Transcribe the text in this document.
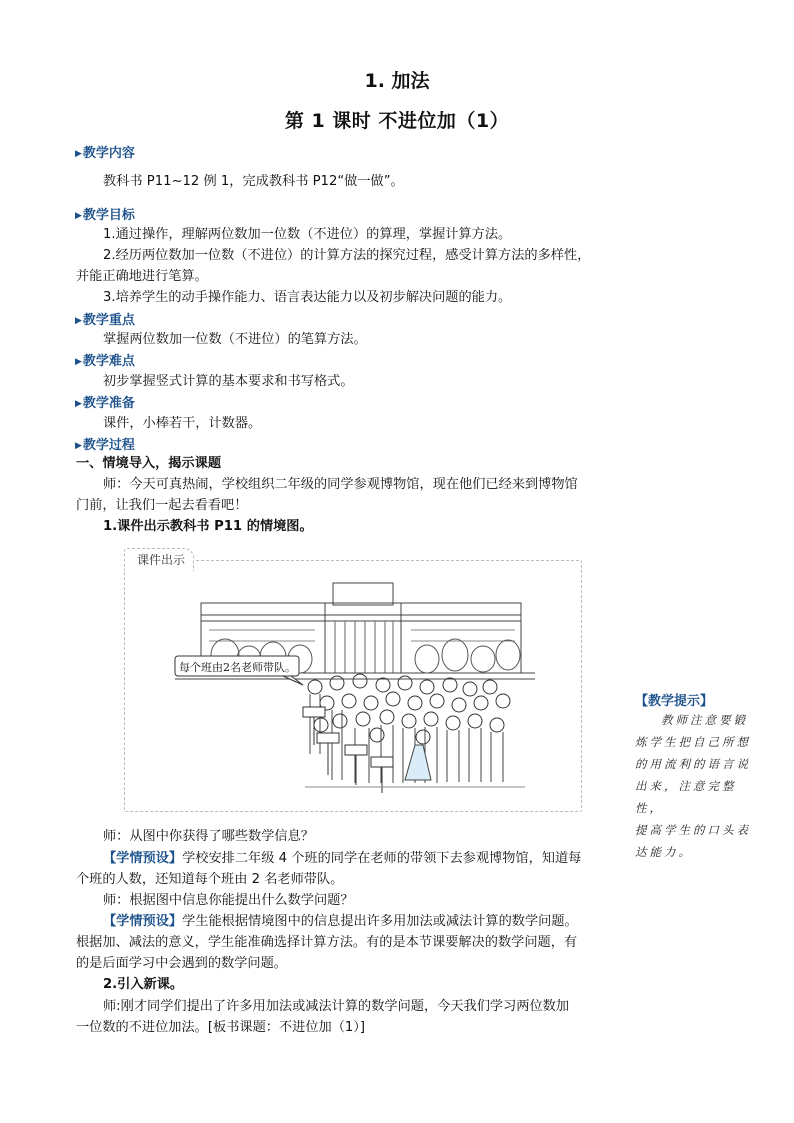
1. 加法
第 1 课时 不进位加（1）
▶教学内容
教科书 P11~12 例 1，完成教科书 P12“做一做”。
▶教学目标
1.通过操作，理解两位数加一位数（不进位）的算理，掌握计算方法。
2.经历两位数加一位数（不进位）的计算方法的探究过程，感受计算方法的多样性，
并能正确地进行笔算。
3.培养学生的动手操作能力、语言表达能力以及初步解决问题的能力。
▶教学重点
掌握两位数加一位数（不进位）的笔算方法。
▶教学难点
初步掌握竖式计算的基本要求和书写格式。
▶教学准备
课件，小棒若干，计数器。
▶教学过程
一、情境导入，揭示课题
师：今天可真热闹，学校组织二年级的同学参观博物馆，现在他们已经来到博物馆
门前，让我们一起去看看吧！
1.课件出示教科书 P11 的情境图。
课件出示
每个班由2名老师带队。
师：从图中你获得了哪些数学信息？
【学情预设】学校安排二年级 4 个班的同学在老师的带领下去参观博物馆，知道每
个班的人数，还知道每个班由 2 名老师带队。
师：根据图中信息你能提出什么数学问题？
【学情预设】学生能根据情境图中的信息提出许多用加法或减法计算的数学问题。
根据加、减法的意义，学生能准确选择计算方法。有的是本节课要解决的数学问题，有
的是后面学习中会遇到的数学问题。
2.引入新课。
师:刚才同学们提出了许多用加法或减法计算的数学问题，今天我们学习两位数加
一位数的不进位加法。[板书课题：不进位加（1）]
【教学提示】
教师注意要锻
炼学生把自己所想
的用流利的语言说
出来，注意完整性，
提高学生的口头表
达能力。
